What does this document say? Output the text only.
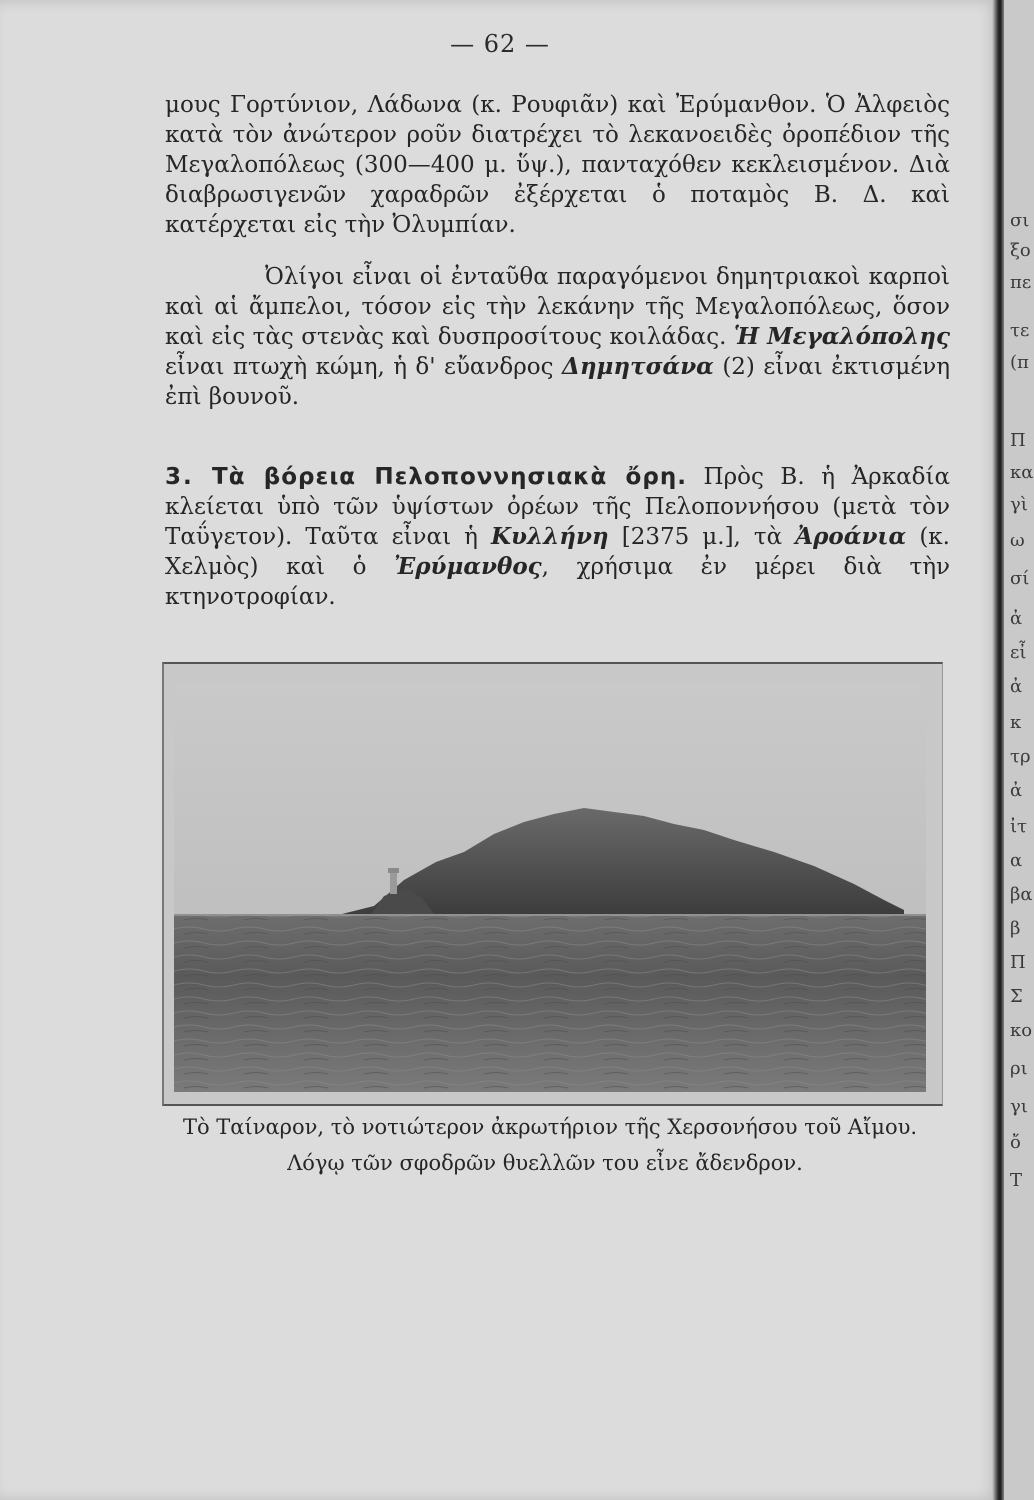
— 62 —

μους Γορτύνιον, Λάδωνα (κ. Ρουφιᾶν) καὶ Ἐρύμανθον. Ὁ Ἀλφειὸς κατὰ τὸν ἀνώτερον ροῦν διατρέχει τὸ λεκανοειδὲς ὀροπέδιον τῆς Μεγαλοπόλεως (300—400 μ. ὕψ.), πανταχόθεν κεκλεισμένον. Διὰ διαβρωσιγενῶν χαραδρῶν ἐξέρχεται ὁ ποταμὸς Β. Δ. καὶ κατέρχεται εἰς τὴν Ὀλυμπίαν.

Ὀλίγοι εἶναι οἱ ἐνταῦθα παραγόμενοι δημητριακοὶ καρποὶ καὶ αἱ ἄμπελοι, τόσον εἰς τὴν λεκάνην τῆς Μεγαλοπόλεως, ὅσον καὶ εἰς τὰς στενὰς καὶ δυσπροσίτους κοιλάδας. Ἡ Μεγαλόπολης εἶναι πτωχὴ κώμη, ἡ δ' εὔανδρος Δημητσάνα (2) εἶναι ἐκτισμένη ἐπὶ βουνοῦ.

3. Τὰ βόρεια Πελοποννησιακὰ ὄρη. Πρὸς Β. ἡ Ἀρκαδία κλείεται ὑπὸ τῶν ὑψίστων ὀρέων τῆς Πελοποννήσου (μετὰ τὸν Ταΰγετον). Ταῦτα εἶναι ἡ Κυλλήνη [2375 μ.], τὰ Ἀροάνια (κ. Χελμὸς) καὶ ὁ Ἐρύμανθος, χρήσιμα ἐν μέρει διὰ τὴν κτηνοτροφίαν.

Τὸ Ταίναρον, τὸ νοτιώτερον ἀκρωτήριον τῆς Χερσονήσου τοῦ Αἴμου.
Λόγῳ τῶν σφοδρῶν θυελλῶν του εἶνε ἄδενδρον.
σι
ξο
πε
τε
(π
Π
κα
γὶ
ω
σί
ἀ
εἶ
ἀ
κ
τρ
ἀ
ἰτ
α
βα
β
Π
Σ
κο
ρι
γι
ὄ
Τ
